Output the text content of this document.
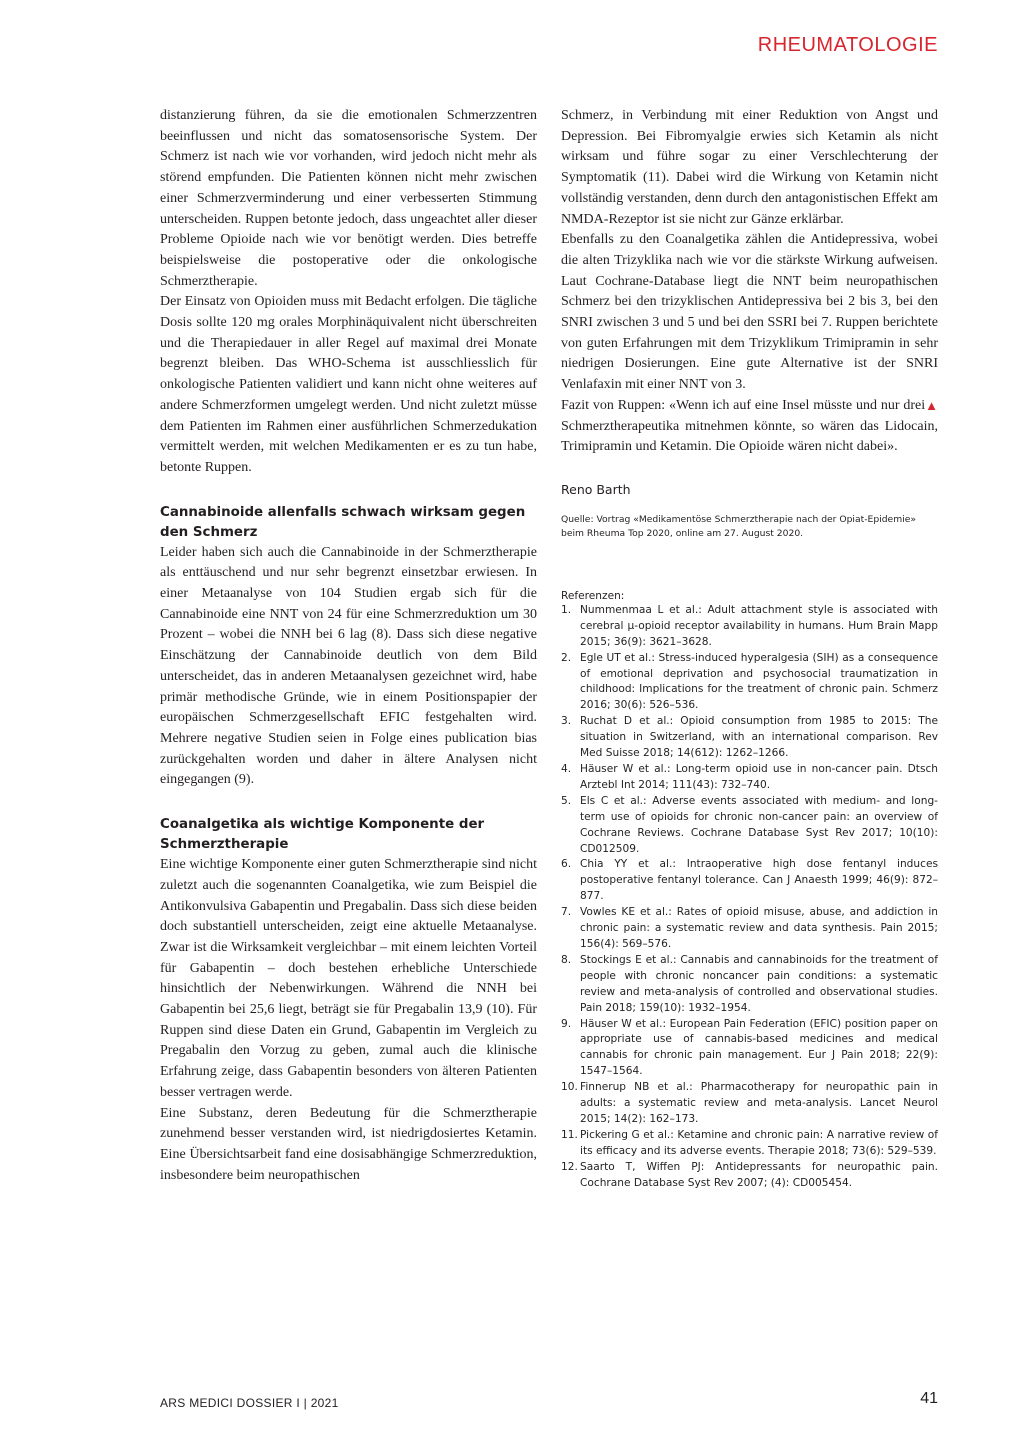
RHEUMATOLOGIE

distanzierung führen, da sie die emotionalen Schmerzzentren beeinflussen und nicht das somatosensorische System. Der Schmerz ist nach wie vor vorhanden, wird jedoch nicht mehr als störend empfunden. Die Patienten können nicht mehr zwischen einer Schmerzverminderung und einer verbesserten Stimmung unterscheiden. Ruppen betonte jedoch, dass ungeachtet aller dieser Probleme Opioide nach wie vor benötigt werden. Dies betreffe beispielsweise die postoperative oder die onkologische Schmerztherapie.

Der Einsatz von Opioiden muss mit Bedacht erfolgen. Die tägliche Dosis sollte 120 mg orales Morphinäquivalent nicht überschreiten und die Therapiedauer in aller Regel auf maximal drei Monate begrenzt bleiben. Das WHO-Schema ist ausschliesslich für onkologische Patienten validiert und kann nicht ohne weiteres auf andere Schmerzformen umgelegt werden. Und nicht zuletzt müsse dem Patienten im Rahmen einer ausführlichen Schmerzedukation vermittelt werden, mit welchen Medikamenten er es zu tun habe, betonte Ruppen.

Cannabinoide allenfalls schwach wirksam gegen den Schmerz

Leider haben sich auch die Cannabinoide in der Schmerztherapie als enttäuschend und nur sehr begrenzt einsetzbar erwiesen. In einer Metaanalyse von 104 Studien ergab sich für die Cannabinoide eine NNT von 24 für eine Schmerzreduktion um 30 Prozent – wobei die NNH bei 6 lag (8). Dass sich diese negative Einschätzung der Cannabinoide deutlich von dem Bild unterscheidet, das in anderen Metaanalysen gezeichnet wird, habe primär methodische Gründe, wie in einem Positionspapier der europäischen Schmerzgesellschaft EFIC festgehalten wird. Mehrere negative Studien seien in Folge eines publication bias zurückgehalten worden und daher in ältere Analysen nicht eingegangen (9).

Coanalgetika als wichtige Komponente der Schmerztherapie

Eine wichtige Komponente einer guten Schmerztherapie sind nicht zuletzt auch die sogenannten Coanalgetika, wie zum Beispiel die Antikonvulsiva Gabapentin und Pregabalin. Dass sich diese beiden doch substantiell unterscheiden, zeigt eine aktuelle Metaanalyse. Zwar ist die Wirksamkeit vergleichbar – mit einem leichten Vorteil für Gabapentin – doch bestehen erhebliche Unterschiede hinsichtlich der Nebenwirkungen. Während die NNH bei Gabapentin bei 25,6 liegt, beträgt sie für Pregabalin 13,9 (10). Für Ruppen sind diese Daten ein Grund, Gabapentin im Vergleich zu Pregabalin den Vorzug zu geben, zumal auch die klinische Erfahrung zeige, dass Gabapentin besonders von älteren Patienten besser vertragen werde.

Eine Substanz, deren Bedeutung für die Schmerztherapie zunehmend besser verstanden wird, ist niedrigdosiertes Ketamin. Eine Übersichtsarbeit fand eine dosisabhängige Schmerzreduktion, insbesondere beim neuropathischen

Schmerz, in Verbindung mit einer Reduktion von Angst und Depression. Bei Fibromyalgie erwies sich Ketamin als nicht wirksam und führe sogar zu einer Verschlechterung der Symptomatik (11). Dabei wird die Wirkung von Ketamin nicht vollständig verstanden, denn durch den antagonistischen Effekt am NMDA-Rezeptor ist sie nicht zur Gänze erklärbar.

Ebenfalls zu den Coanalgetika zählen die Antidepressiva, wobei die alten Trizyklika nach wie vor die stärkste Wirkung aufweisen. Laut Cochrane-Database liegt die NNT beim neuropathischen Schmerz bei den trizyklischen Antidepressiva bei 2 bis 3, bei den SNRI zwischen 3 und 5 und bei den SSRI bei 7. Ruppen berichtete von guten Erfahrungen mit dem Trizyklikum Trimipramin in sehr niedrigen Dosierungen. Eine gute Alternative ist der SNRI Venlafaxin mit einer NNT von 3.

▲
Fazit von Ruppen: «Wenn ich auf eine Insel müsste und nur drei Schmerztherapeutika mitnehmen könnte, so wären das Lidocain, Trimipramin und Ketamin. Die Opioide wären nicht dabei».

Reno Barth
Quelle: Vortrag «Medikamentöse Schmerztherapie nach der Opiat-Epidemie» beim Rheuma Top 2020, online am 27. August 2020.
Referenzen:
1. Nummenmaa L et al.: Adult attachment style is associated with cerebral µ-opioid receptor availability in humans. Hum Brain Mapp 2015; 36(9): 3621–3628.
2. Egle UT et al.: Stress-induced hyperalgesia (SIH) as a consequence of emotional deprivation and psychosocial traumatization in childhood: Implications for the treatment of chronic pain. Schmerz 2016; 30(6): 526–536.
3. Ruchat D et al.: Opioid consumption from 1985 to 2015: The situation in Switzerland, with an international comparison. Rev Med Suisse 2018; 14(612): 1262–1266.
4. Häuser W et al.: Long-term opioid use in non-cancer pain. Dtsch Arztebl Int 2014; 111(43): 732–740.
5. Els C et al.: Adverse events associated with medium- and long-term use of opioids for chronic non-cancer pain: an overview of Cochrane Reviews. Cochrane Database Syst Rev 2017; 10(10): CD012509.
6. Chia YY et al.: Intraoperative high dose fentanyl induces postoperative fentanyl tolerance. Can J Anaesth 1999; 46(9): 872–877.
7. Vowles KE et al.: Rates of opioid misuse, abuse, and addiction in chronic pain: a systematic review and data synthesis. Pain 2015; 156(4): 569–576.
8. Stockings E et al.: Cannabis and cannabinoids for the treatment of people with chronic noncancer pain conditions: a systematic review and meta-analysis of controlled and observational studies. Pain 2018; 159(10): 1932–1954.
9. Häuser W et al.: European Pain Federation (EFIC) position paper on appropriate use of cannabis-based medicines and medical cannabis for chronic pain management. Eur J Pain 2018; 22(9): 1547–1564.
10. Finnerup NB et al.: Pharmacotherapy for neuropathic pain in adults: a systematic review and meta-analysis. Lancet Neurol 2015; 14(2): 162–173.
11. Pickering G et al.: Ketamine and chronic pain: A narrative review of its efficacy and its adverse events. Therapie 2018; 73(6): 529–539.
12. Saarto T, Wiffen PJ: Antidepressants for neuropathic pain. Cochrane Database Syst Rev 2007; (4): CD005454.
ARS MEDICI DOSSIER I | 2021	41
